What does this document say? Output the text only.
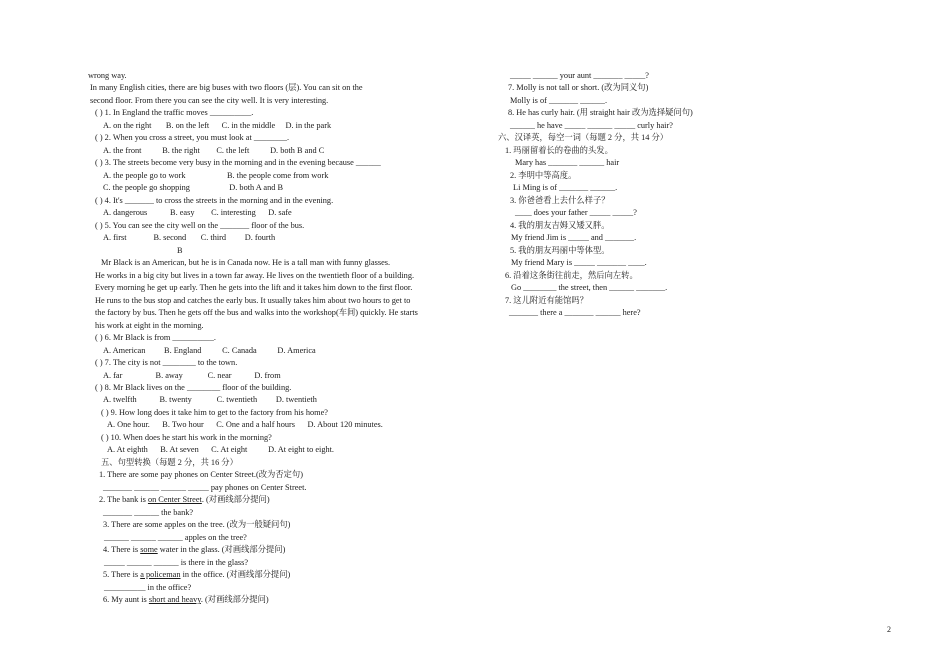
wrong way.
In many English cities, there are big buses with two floors (层). You can sit on the
second floor. From there you can see the city well. It is very interesting.
( ) 1. In England the traffic moves __________.
A. on the right       B. on the left      C. in the middle     D. in the park
( ) 2. When you cross a street, you must look at ________.
A. the front          B. the right        C. the left          D. both B and C
( ) 3. The streets become very busy in the morning and in the evening because ______
A. the people go to work                    B. the people come from work
C. the people go shopping                   D. both A and B
( ) 4. It's _______ to cross the streets in the morning and in the evening.
A. dangerous           B. easy        C. interesting      D. safe
( ) 5. You can see the city well on the _______ floor of the bus.
A. first             B. second       C. third         D. fourth
B
Mr Black is an American, but he is in Canada now. He is a tall man with funny glasses.
He works in a big city but lives in a town far away. He lives on the twentieth floor of a building.
Every morning he get up early. Then he gets into the lift and it takes him down to the first floor.
He runs to the bus stop and catches the early bus. It usually takes him about two hours to get to
the factory by bus. Then he gets off the bus and walks into the workshop(车间) quickly. He starts
his work at eight in the morning.
( ) 6. Mr Black is from __________.
A. American         B. England          C. Canada          D. America
( ) 7. The city is not ________ to the town.
A. far                B. away            C. near           D. from
( ) 8. Mr Black lives on the ________ floor of the building.
A. twelfth           B. twenty            C. twentieth         D. twentieth
( ) 9. How long does it take him to get to the factory from his home?
A. One hour.      B. Two hour      C. One and a half hours      D. About 120 minutes.
( ) 10. When does he start his work in the morning?
A. At eighth      B. At seven      C. At eight          D. At eight to eight.
五、句型转换（每题 2 分，共 16 分）
1. There are some pay phones on Center Street.(改为否定句)
_______ ______ ______ _____ pay phones on Center Street.
2. The bank is on Center Street. (对画线部分提问)
_______ ______ the bank?
3. There are some apples on the tree. (改为一般疑问句)
______ ______ ______ apples on the tree?
4. There is some water in the glass. (对画线部分提问)
_____ ______ ______ is there in the glass?
5. There is a policeman in the office. (对画线部分提问)
__________ in the office?
6. My aunt is short and heavy. (对画线部分提问)
_____ ______ your aunt _______ _____?
7. Molly is not tall or short. (改为同义句)
Molly is of _______ ______.
8. He has curly hair. (用 straight hair 改为选择疑问句)
______ he have _____ ______ _____ curly hair?
六、汉译英，每空一词（每题 2 分，共 14 分）
1. 玛丽留着长的卷曲的头发。
Mary has _______ ______ hair
2. 李明中等高度。
Li Ming is of _______ ______.
3. 你爸爸看上去什么样子？
____ does your father _____ _____?
4. 我的朋友吉姆又矮又胖。
My friend Jim is _____ and _______.
5. 我的朋友玛丽中等体型。
My friend Mary is _____ _______ ____.
6. 沿着这条街往前走，然后向左转。
Go ________ the street, then ______ _______.
7. 这儿附近有能馆吗？
_______ there a _______ ______ here?
2
